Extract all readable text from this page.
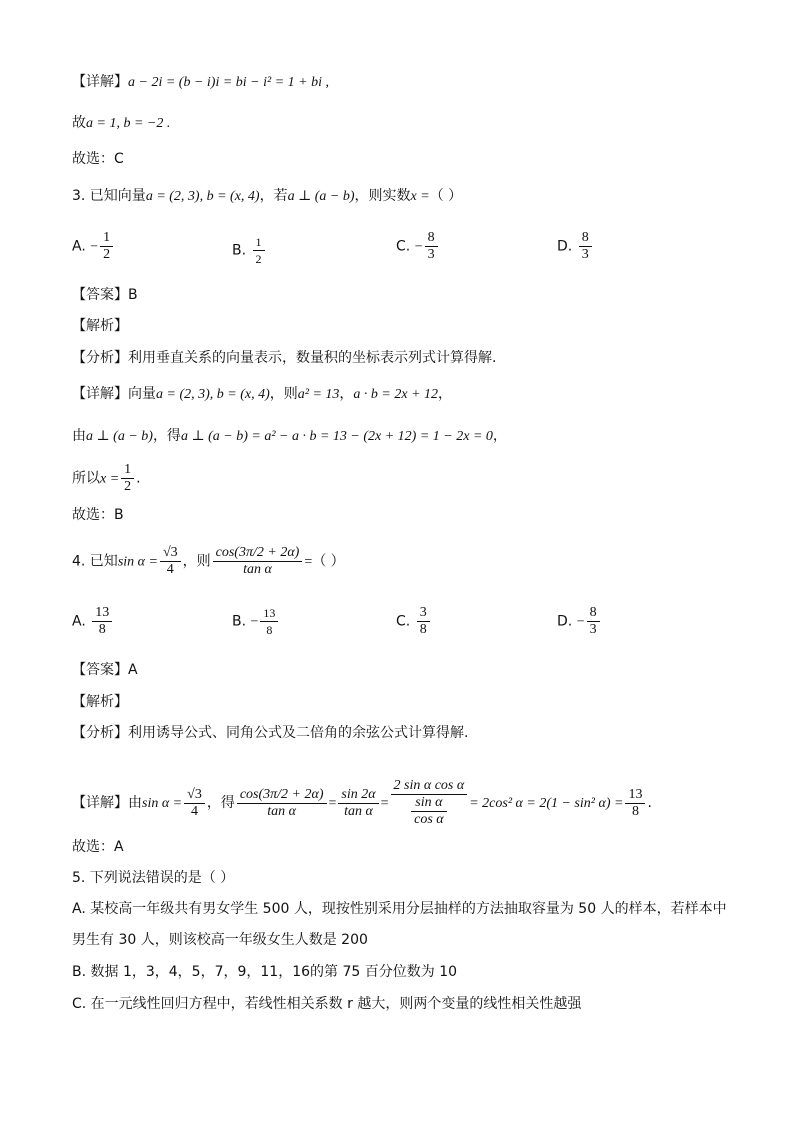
【详解】a − 2i = (b − i)i = bi − i² = 1 + bi ,
故a = 1, b = −2 .
故选：C
3. 已知向量a = (2, 3), b = (x, 4)，若a ⊥ (a − b)，则实数x =（ ）
A. − $\frac{1}{2}$	B. $\frac{1}{2}$	C. − $\frac{8}{3}$	D. $\frac{8}{3}$
【答案】B
【解析】
【分析】利用垂直关系的向量表示，数量积的坐标表示列式计算得解.
【详解】向量a = (2, 3), b = (x, 4)，则a² = 13，a · b = 2x + 12，
由a ⊥ (a − b)，得a ⊥ (a − b) = a² − a · b = 13 − (2x + 12) = 1 − 2x = 0，
所以$x = \frac{1}{2}$ .
故选：B
4. 已知$\sin \alpha = \frac{√3}{4}$ ，则 $\frac{\cos(3\pi/2 + 2\alpha)}{\text{tan α}}$ =（ ）
A. $\frac{13}{8}$	B. − $\frac{13}{8}$	C. $\frac{3}{8}$	D. − $\frac{8}{3}$
【答案】A
【解析】
【分析】利用诱导公式、同角公式及二倍角的余弦公式计算得解.
【详解】由$\sin \alpha = \frac{√3}{4}$ ，得 $\frac{\cos(3\pi/2 + 2\alpha)}{\text{tan α}} = \frac{\sin 2\alpha}{\text{tan α}} = \frac{\text{2 sin α cos α}}{\frac{\text{sin α}}{\text{cos α}}} = 2\cos^2$ α = 2(1 − sin² $\alpha) = \frac{13}{8}$ .
故选：A
5. 下列说法错误的是（ ）
A. 某校高一年级共有男女学生 500 人，现按性别采用分层抽样的方法抽取容量为 50 人的样本，若样本中
男生有 30 人，则该校高一年级女生人数是 200
B. 数据 1，3，4，5，7，9，11，16的第 75 百分位数为 10
C. 在一元线性回归方程中，若线性相关系数 r 越大，则两个变量的线性相关性越强
